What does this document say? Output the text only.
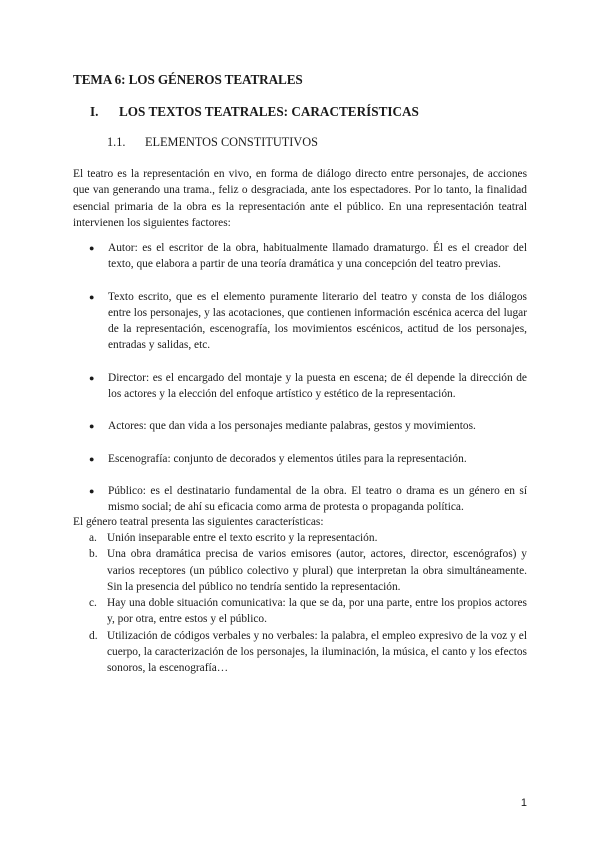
TEMA 6: LOS GÉNEROS TEATRALES
I. LOS TEXTOS TEATRALES: CARACTERÍSTICAS
1.1. ELEMENTOS CONSTITUTIVOS
El teatro es la representación en vivo, en forma de diálogo directo entre personajes, de acciones que van generando una trama., feliz o desgraciada, ante los espectadores. Por lo tanto, la finalidad esencial primaria de la obra es la representación ante el público. En una representación teatral intervienen los siguientes factores:
● Autor: es el escritor de la obra, habitualmente llamado dramaturgo. Él es el creador del texto, que elabora a partir de una teoría dramática y una concepción del teatro previas.
● Texto escrito, que es el elemento puramente literario del teatro y consta de los diálogos entre los personajes, y las acotaciones, que contienen información escénica acerca del lugar de la representación, escenografía, los movimientos escénicos, actitud de los personajes, entradas y salidas, etc.
● Director: es el encargado del montaje y la puesta en escena; de él depende la dirección de los actores y la elección del enfoque artístico y estético de la representación.
● Actores: que dan vida a los personajes mediante palabras, gestos y movimientos.
● Escenografía: conjunto de decorados y elementos útiles para la representación.
● Público: es el destinatario fundamental de la obra. El teatro o drama es un género en sí mismo social; de ahí su eficacia como arma de protesta o propaganda política.
El género teatral presenta las siguientes características:
a. Unión inseparable entre el texto escrito y la representación.
b. Una obra dramática precisa de varios emisores (autor, actores, director, escenógrafos) y varios receptores (un público colectivo y plural) que interpretan la obra simultáneamente. Sin la presencia del público no tendría sentido la representación.
c. Hay una doble situación comunicativa: la que se da, por una parte, entre los propios actores y, por otra, entre estos y el público.
d. Utilización de códigos verbales y no verbales: la palabra, el empleo expresivo de la voz y el cuerpo, la caracterización de los personajes, la iluminación, la música, el canto y los efectos sonoros, la escenografía…
1
